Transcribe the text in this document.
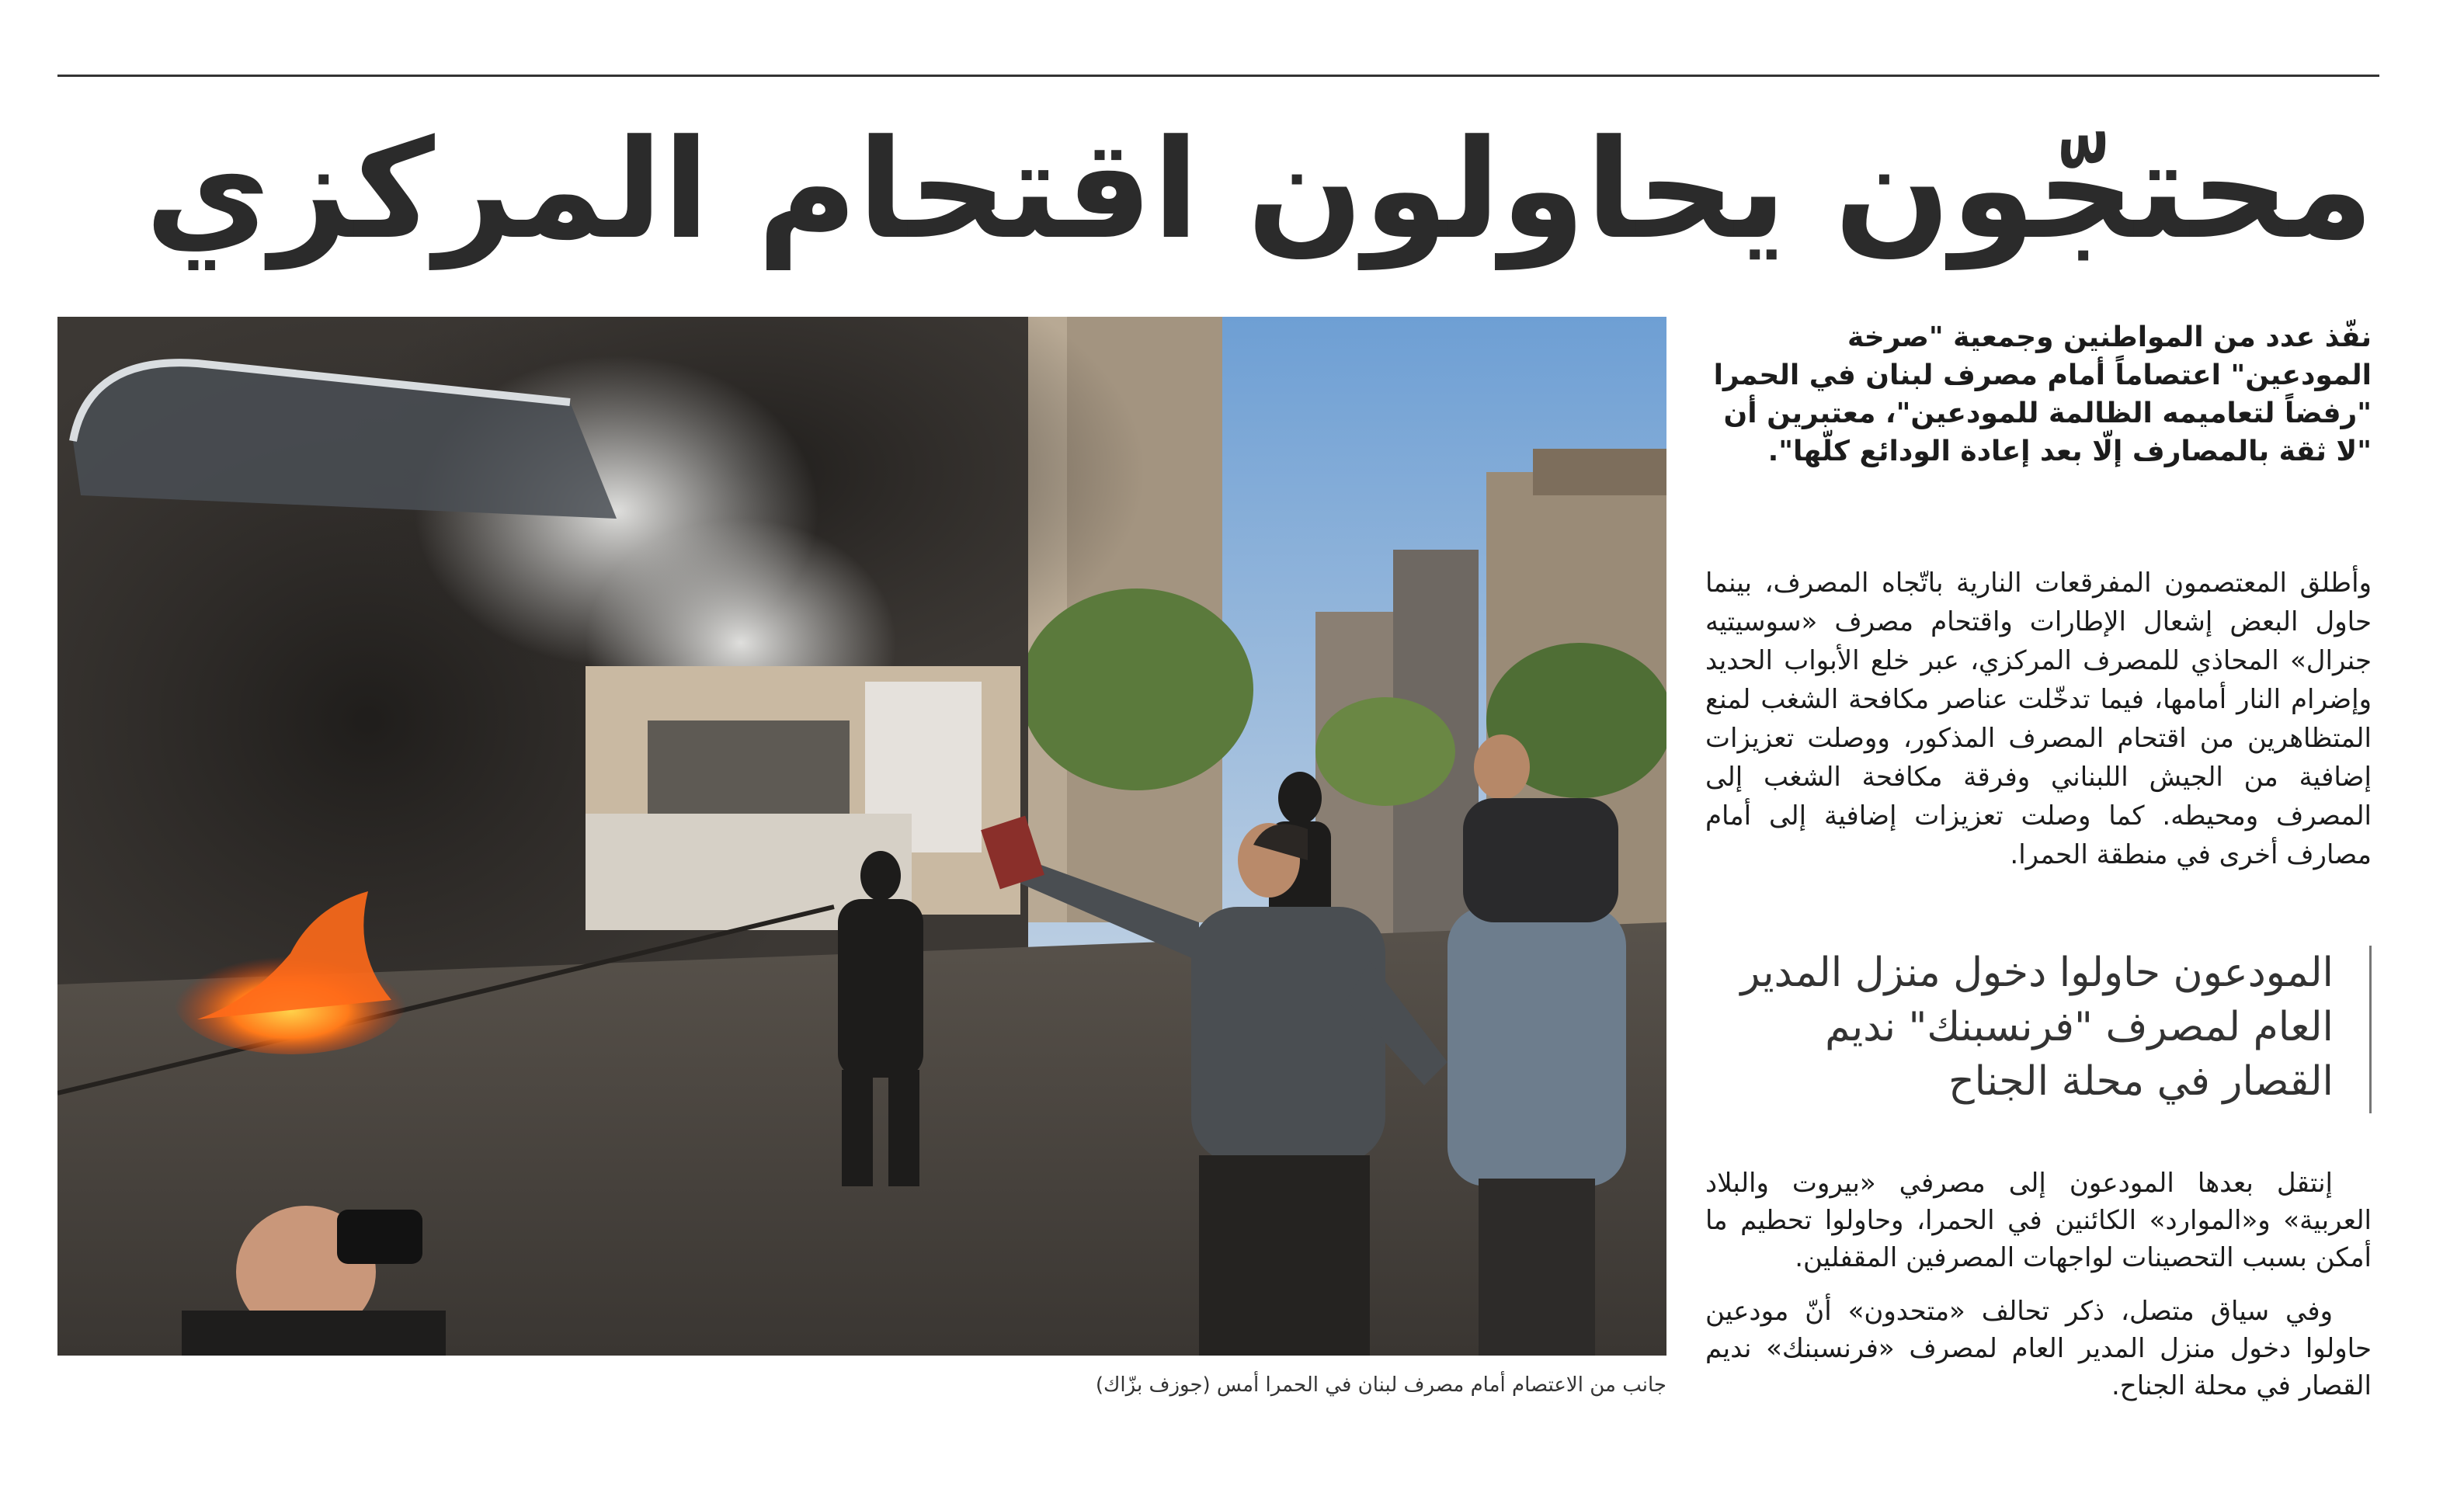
محتجّون يحاولون اقتحام المركزي

جانب من الاعتصام أمام مصرف لبنان في الحمرا أمس (جوزف بزّاك)

نفّذ عدد من المواطنين وجمعية "صرخة المودعين" اعتصاماً أمام مصرف لبنان في الحمرا "رفضاً لتعاميمه الظالمة للمودعين"، معتبرين أن "لا ثقة بالمصارف إلّا بعد إعادة الودائع كلّها".

وأطلق المعتصمون المفرقعات النارية باتّجاه المصرف، بينما حاول البعض إشعال الإطارات واقتحام مصرف «سوسيتيه جنرال» المحاذي للمصرف المركزي، عبر خلع الأبواب الحديد وإضرام النار أمامها، فيما تدخّلت عناصر مكافحة الشغب لمنع المتظاهرين من اقتحام المصرف المذكور، ووصلت تعزيزات إضافية من الجيش اللبناني وفرقة مكافحة الشغب إلى المصرف ومحيطه. كما وصلت تعزيزات إضافية إلى أمام مصارف أخرى في منطقة الحمرا.

المودعون حاولوا دخول منزل المدير العام لمصرف "فرنسبنك" نديم القصار في محلة الجناح

إنتقل بعدها المودعون إلى مصرفي «بيروت والبلاد العربية» و«الموارد» الكائنين في الحمرا، وحاولوا تحطيم ما أمكن بسبب التحصينات لواجهات المصرفين المقفلين.

وفي سياق متصل، ذكر تحالف «متحدون» أنّ مودعين حاولوا دخول منزل المدير العام لمصرف «فرنسبنك» نديم القصار في محلة الجناح.
